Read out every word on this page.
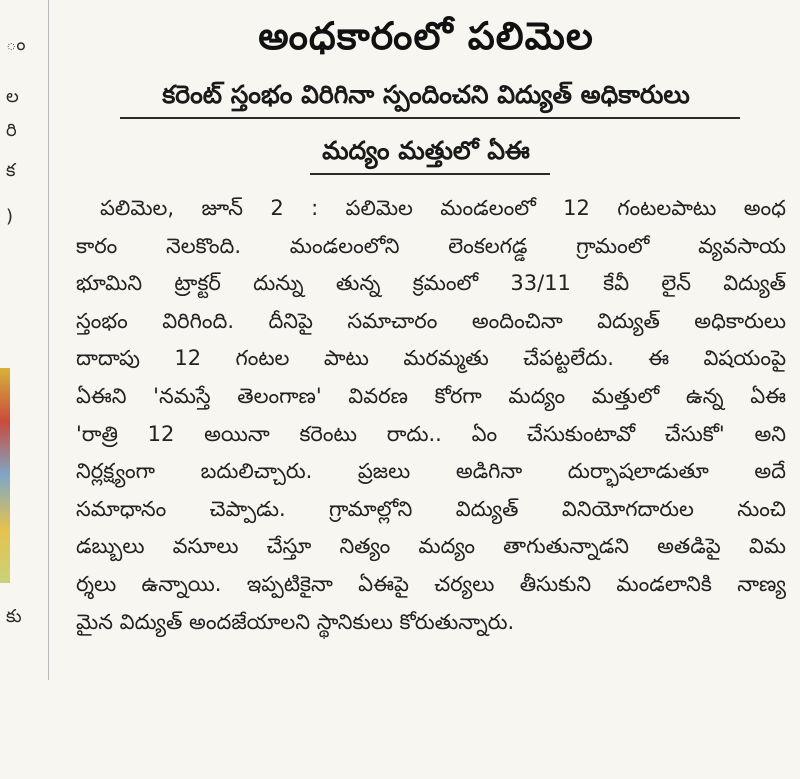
ం
ల
రి
క
)
కు
అంధకారంలో పలిమెల
కరెంట్ స్తంభం విరిగినా స్పందించని విద్యుత్ అధికారులు
మద్యం మత్తులో ఏఈ
పలిమెల, జూన్ 2 : పలిమెల మండలంలో 12 గంటలపాటు అంధ
కారం నెలకొంది. మండలంలోని లెంకలగడ్డ గ్రామంలో వ్యవసాయ
భూమిని ట్రాక్టర్ దున్ను తున్న క్రమంలో 33/11 కేవీ లైన్ విద్యుత్
స్తంభం విరిగింది. దీనిపై సమాచారం అందించినా విద్యుత్ అధికారులు
దాదాపు 12 గంటల పాటు మరమ్మతు చేపట్టలేదు. ఈ విషయంపై
ఏఈని 'నమస్తే తెలంగాణ' వివరణ కోరగా మద్యం మత్తులో ఉన్న ఏఈ
'రాత్రి 12 అయినా కరెంటు రాదు.. ఏం చేసుకుంటావో చేసుకో' అని
నిర్లక్ష్యంగా బదులిచ్చారు. ప్రజలు అడిగినా దుర్భాషలాడుతూ అదే
సమాధానం చెప్పాడు. గ్రామాల్లోని విద్యుత్ వినియోగదారుల నుంచి
డబ్బులు వసూలు చేస్తూ నిత్యం మద్యం తాగుతున్నాడని అతడిపై విమ
ర్శలు ఉన్నాయి. ఇప్పటికైనా ఏఈపై చర్యలు తీసుకుని మండలానికి నాణ్య
మైన విద్యుత్ అందజేయాలని స్థానికులు కోరుతున్నారు.
